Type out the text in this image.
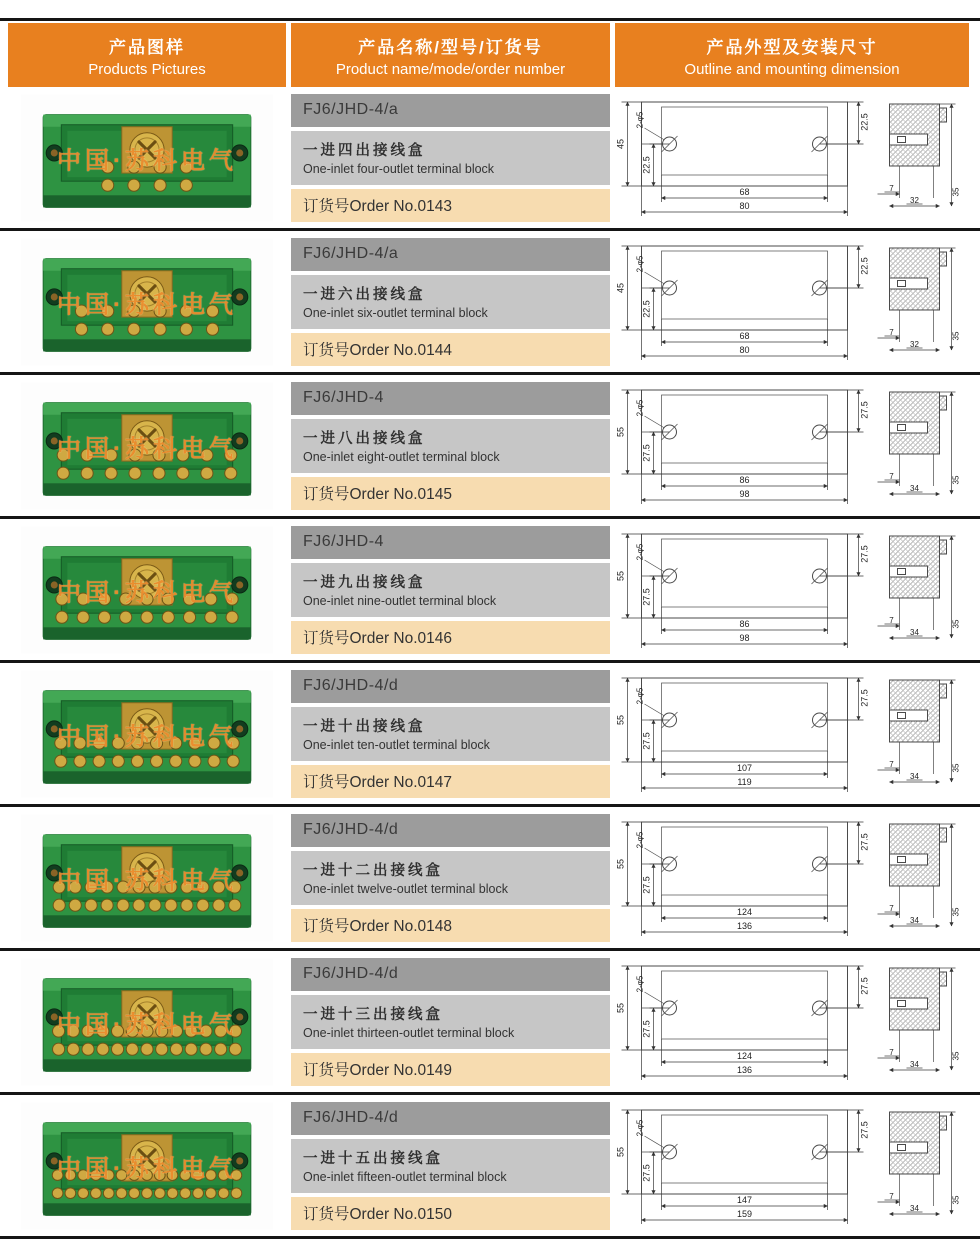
产品图样
Products Pictures
产品名称/型号/订货号
Product name/mode/order number
产品外型及安装尺寸
Outline and mounting dimension
中国·苏科电气
FJ6/JHD-4/a
一进四出接线盒
One-inlet four-outlet terminal block
订货号Order No.0143
45
2-φ5
22.5
22.5
68
80
7
32
35
中国·苏科电气
FJ6/JHD-4/a
一进六出接线盒
One-inlet six-outlet terminal block
订货号Order No.0144
45
2-φ5
22.5
22.5
68
80
7
32
35
中国·苏科电气
FJ6/JHD-4
一进八出接线盒
One-inlet eight-outlet terminal block
订货号Order No.0145
55
2-φ5
27.5
27.5
86
98
7
34
35
中国·苏科电气
FJ6/JHD-4
一进九出接线盒
One-inlet nine-outlet terminal block
订货号Order No.0146
55
2-φ5
27.5
27.5
86
98
7
34
35
中国·苏科电气
FJ6/JHD-4/d
一进十出接线盒
One-inlet ten-outlet terminal block
订货号Order No.0147
55
2-φ5
27.5
27.5
107
119
7
34
35
中国·苏科电气
FJ6/JHD-4/d
一进十二出接线盒
One-inlet twelve-outlet terminal block
订货号Order No.0148
55
2-φ5
27.5
27.5
124
136
7
34
35
中国·苏科电气
FJ6/JHD-4/d
一进十三出接线盒
One-inlet thirteen-outlet terminal block
订货号Order No.0149
55
2-φ5
27.5
27.5
124
136
7
34
35
中国·苏科电气
FJ6/JHD-4/d
一进十五出接线盒
One-inlet fifteen-outlet terminal block
订货号Order No.0150
55
2-φ5
27.5
27.5
147
159
7
34
35
